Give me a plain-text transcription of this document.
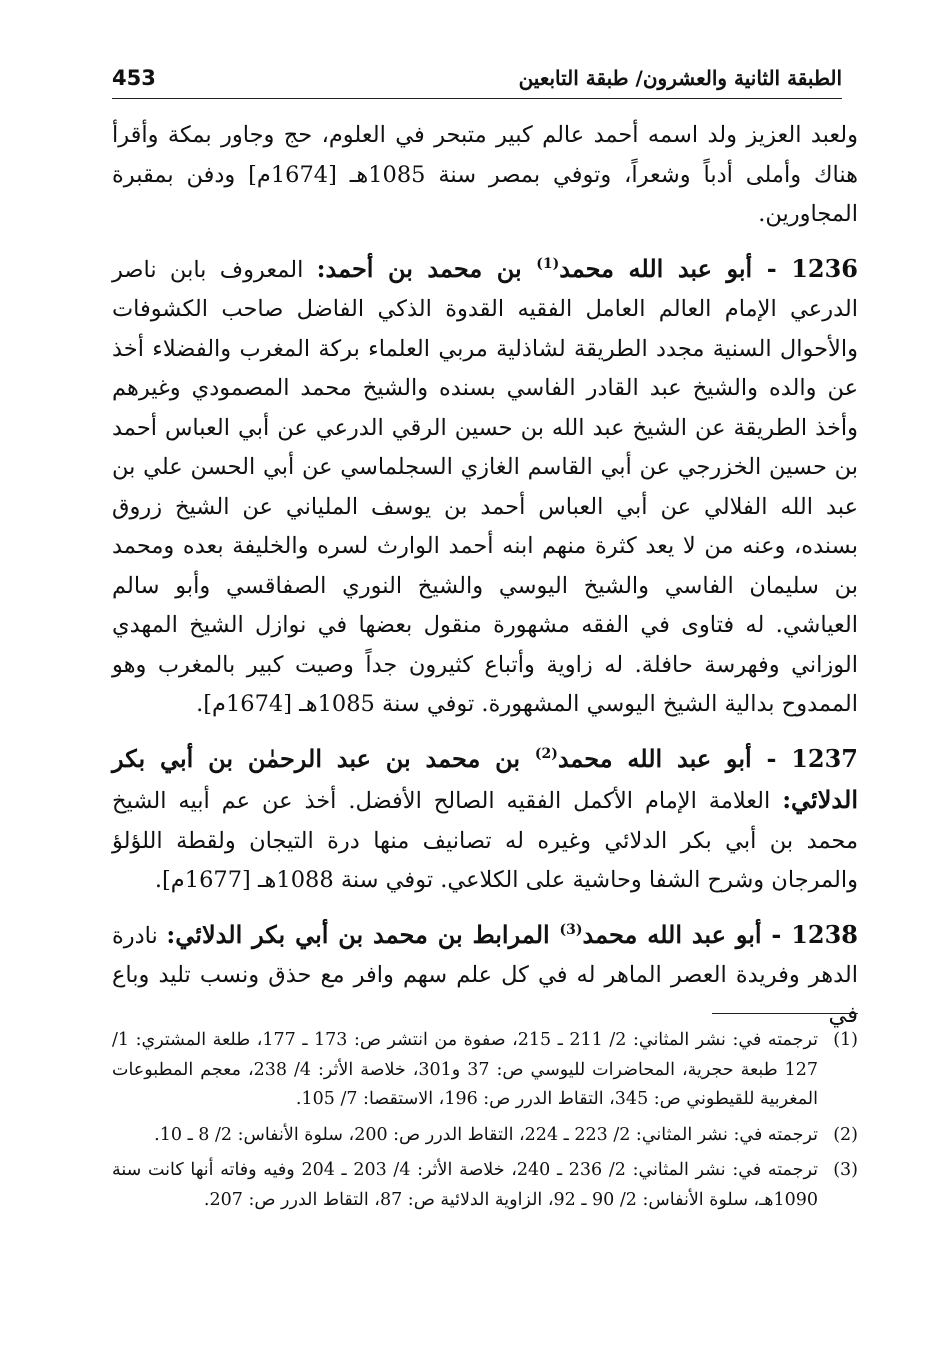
453	الطبقة الثانية والعشرون/ طبقة التابعين

ولعبد العزيز ولد اسمه أحمد عالم كبير متبحر في العلوم، حج وجاور بمكة وأقرأ هناك وأملى أدباً وشعراً، وتوفي بمصر سنة 1085هـ [1674م] ودفن بمقبرة المجاورين.

1236 - أبو عبد الله محمد$^{(1)}$ بن محمد بن أحمد: المعروف بابن ناصر الدرعي الإمام العالم العامل الفقيه القدوة الذكي الفاضل صاحب الكشوفات والأحوال السنية مجدد الطريقة لشاذلية مربي العلماء بركة المغرب والفضلاء أخذ عن والده والشيخ عبد القادر الفاسي بسنده والشيخ محمد المصمودي وغيرهم وأخذ الطريقة عن الشيخ عبد الله بن حسين الرقي الدرعي عن أبي العباس أحمد بن حسين الخزرجي عن أبي القاسم الغازي السجلماسي عن أبي الحسن علي بن عبد الله الفلالي عن أبي العباس أحمد بن يوسف الملياني عن الشيخ زروق بسنده، وعنه من لا يعد كثرة منهم ابنه أحمد الوارث لسره والخليفة بعده ومحمد بن سليمان الفاسي والشيخ اليوسي والشيخ النوري الصفاقسي وأبو سالم العياشي. له فتاوى في الفقه مشهورة منقول بعضها في نوازل الشيخ المهدي الوزاني وفهرسة حافلة. له زاوية وأتباع كثيرون جداً وصيت كبير بالمغرب وهو الممدوح بدالية الشيخ اليوسي المشهورة. توفي سنة 1085هـ [1674م].

1237 - أبو عبد الله محمد$^{(2)}$ بن محمد بن عبد الرحمٰن بن أبي بكر الدلائي: العلامة الإمام الأكمل الفقيه الصالح الأفضل. أخذ عن عم أبيه الشيخ محمد بن أبي بكر الدلائي وغيره له تصانيف منها درة التيجان ولقطة اللؤلؤ والمرجان وشرح الشفا وحاشية على الكلاعي. توفي سنة 1088هـ [1677م].

1238 - أبو عبد الله محمد$^{(3)}$ المرابط بن محمد بن أبي بكر الدلائي: نادرة الدهر وفريدة العصر الماهر له في كل علم سهم وافر مع حذق ونسب تليد وباع في

(1)
ترجمته في: نشر المثاني: 2/ 211 ـ 215، صفوة من انتشر ص: 173 ـ 177، طلعة المشتري: 1/ 127 طبعة حجرية، المحاضرات لليوسي ص: 37 و301، خلاصة الأثر: 4/ 238، معجم المطبوعات المغربية للقيطوني ص: 345، التقاط الدرر ص: 196، الاستقصا: 7/ 105.
(2)
ترجمته في: نشر المثاني: 2/ 223 ـ 224، التقاط الدرر ص: 200، سلوة الأنفاس: 2/ 8 ـ 10.
(3)
ترجمته في: نشر المثاني: 2/ 236 ـ 240، خلاصة الأثر: 4/ 203 ـ 204 وفيه وفاته أنها كانت سنة 1090هـ، سلوة الأنفاس: 2/ 90 ـ 92، الزاوية الدلائية ص: 87، التقاط الدرر ص: 207.
